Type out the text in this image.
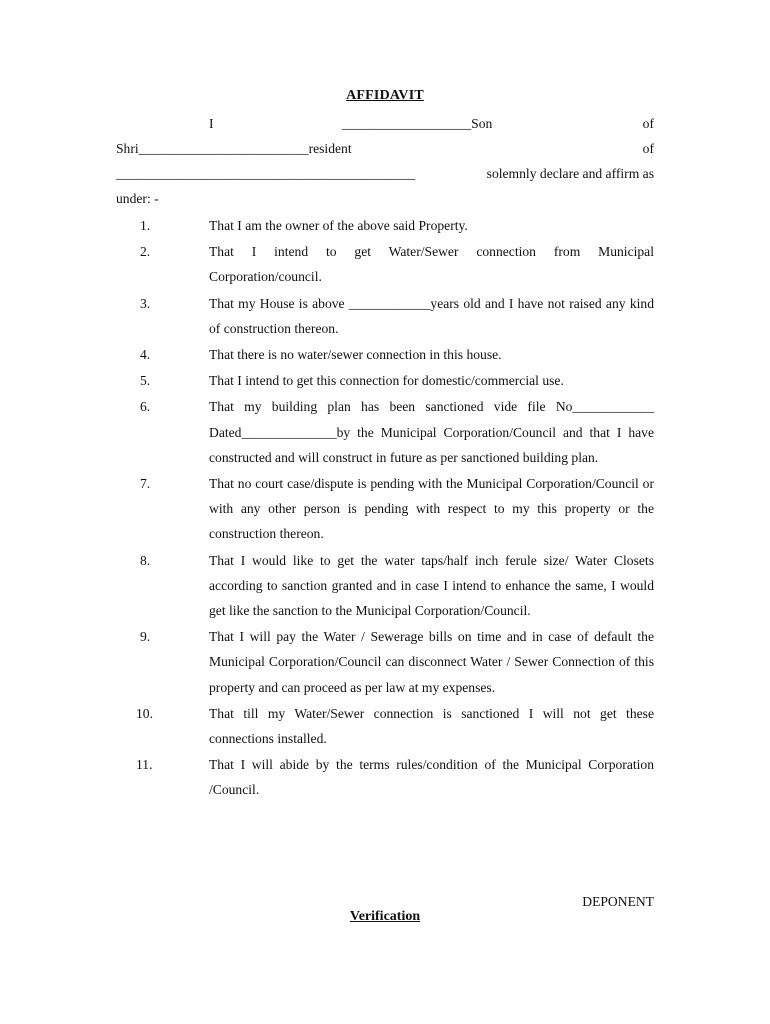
AFFIDAVIT
I	___________________Son	of
Shri_________________________resident	of
____________________________________________	solemnly declare and affirm as
under: -
1.	That I am the owner of the above said Property.
2.	That I intend to get Water/Sewer connection from Municipal Corporation/council.
3.	That my House is above ____________years old and I have not raised any kind of construction thereon.
4.	That there is no water/sewer connection in this house.
5.	That I intend to get this connection for domestic/commercial use.
6.	That my building plan has been sanctioned vide file No____________ Dated______________by the Municipal Corporation/Council and that I have constructed and will construct in future as per sanctioned building plan.
7.	That no court case/dispute is pending with the Municipal Corporation/Council or with any other person is pending with respect to my this property or the construction thereon.
8.	That I would like to get the water taps/half inch ferule size/ Water Closets according to sanction granted and in case I intend to enhance the same, I would get like the sanction to the Municipal Corporation/Council.
9.	That I will pay the Water / Sewerage bills on time and in case of default the Municipal Corporation/Council can disconnect Water / Sewer Connection of this property and can proceed as per law at my expenses.
10.	That till my Water/Sewer connection is sanctioned I will not get these connections installed.
11.	That I will abide by the terms rules/condition of the Municipal Corporation /Council.
DEPONENT
Verification
